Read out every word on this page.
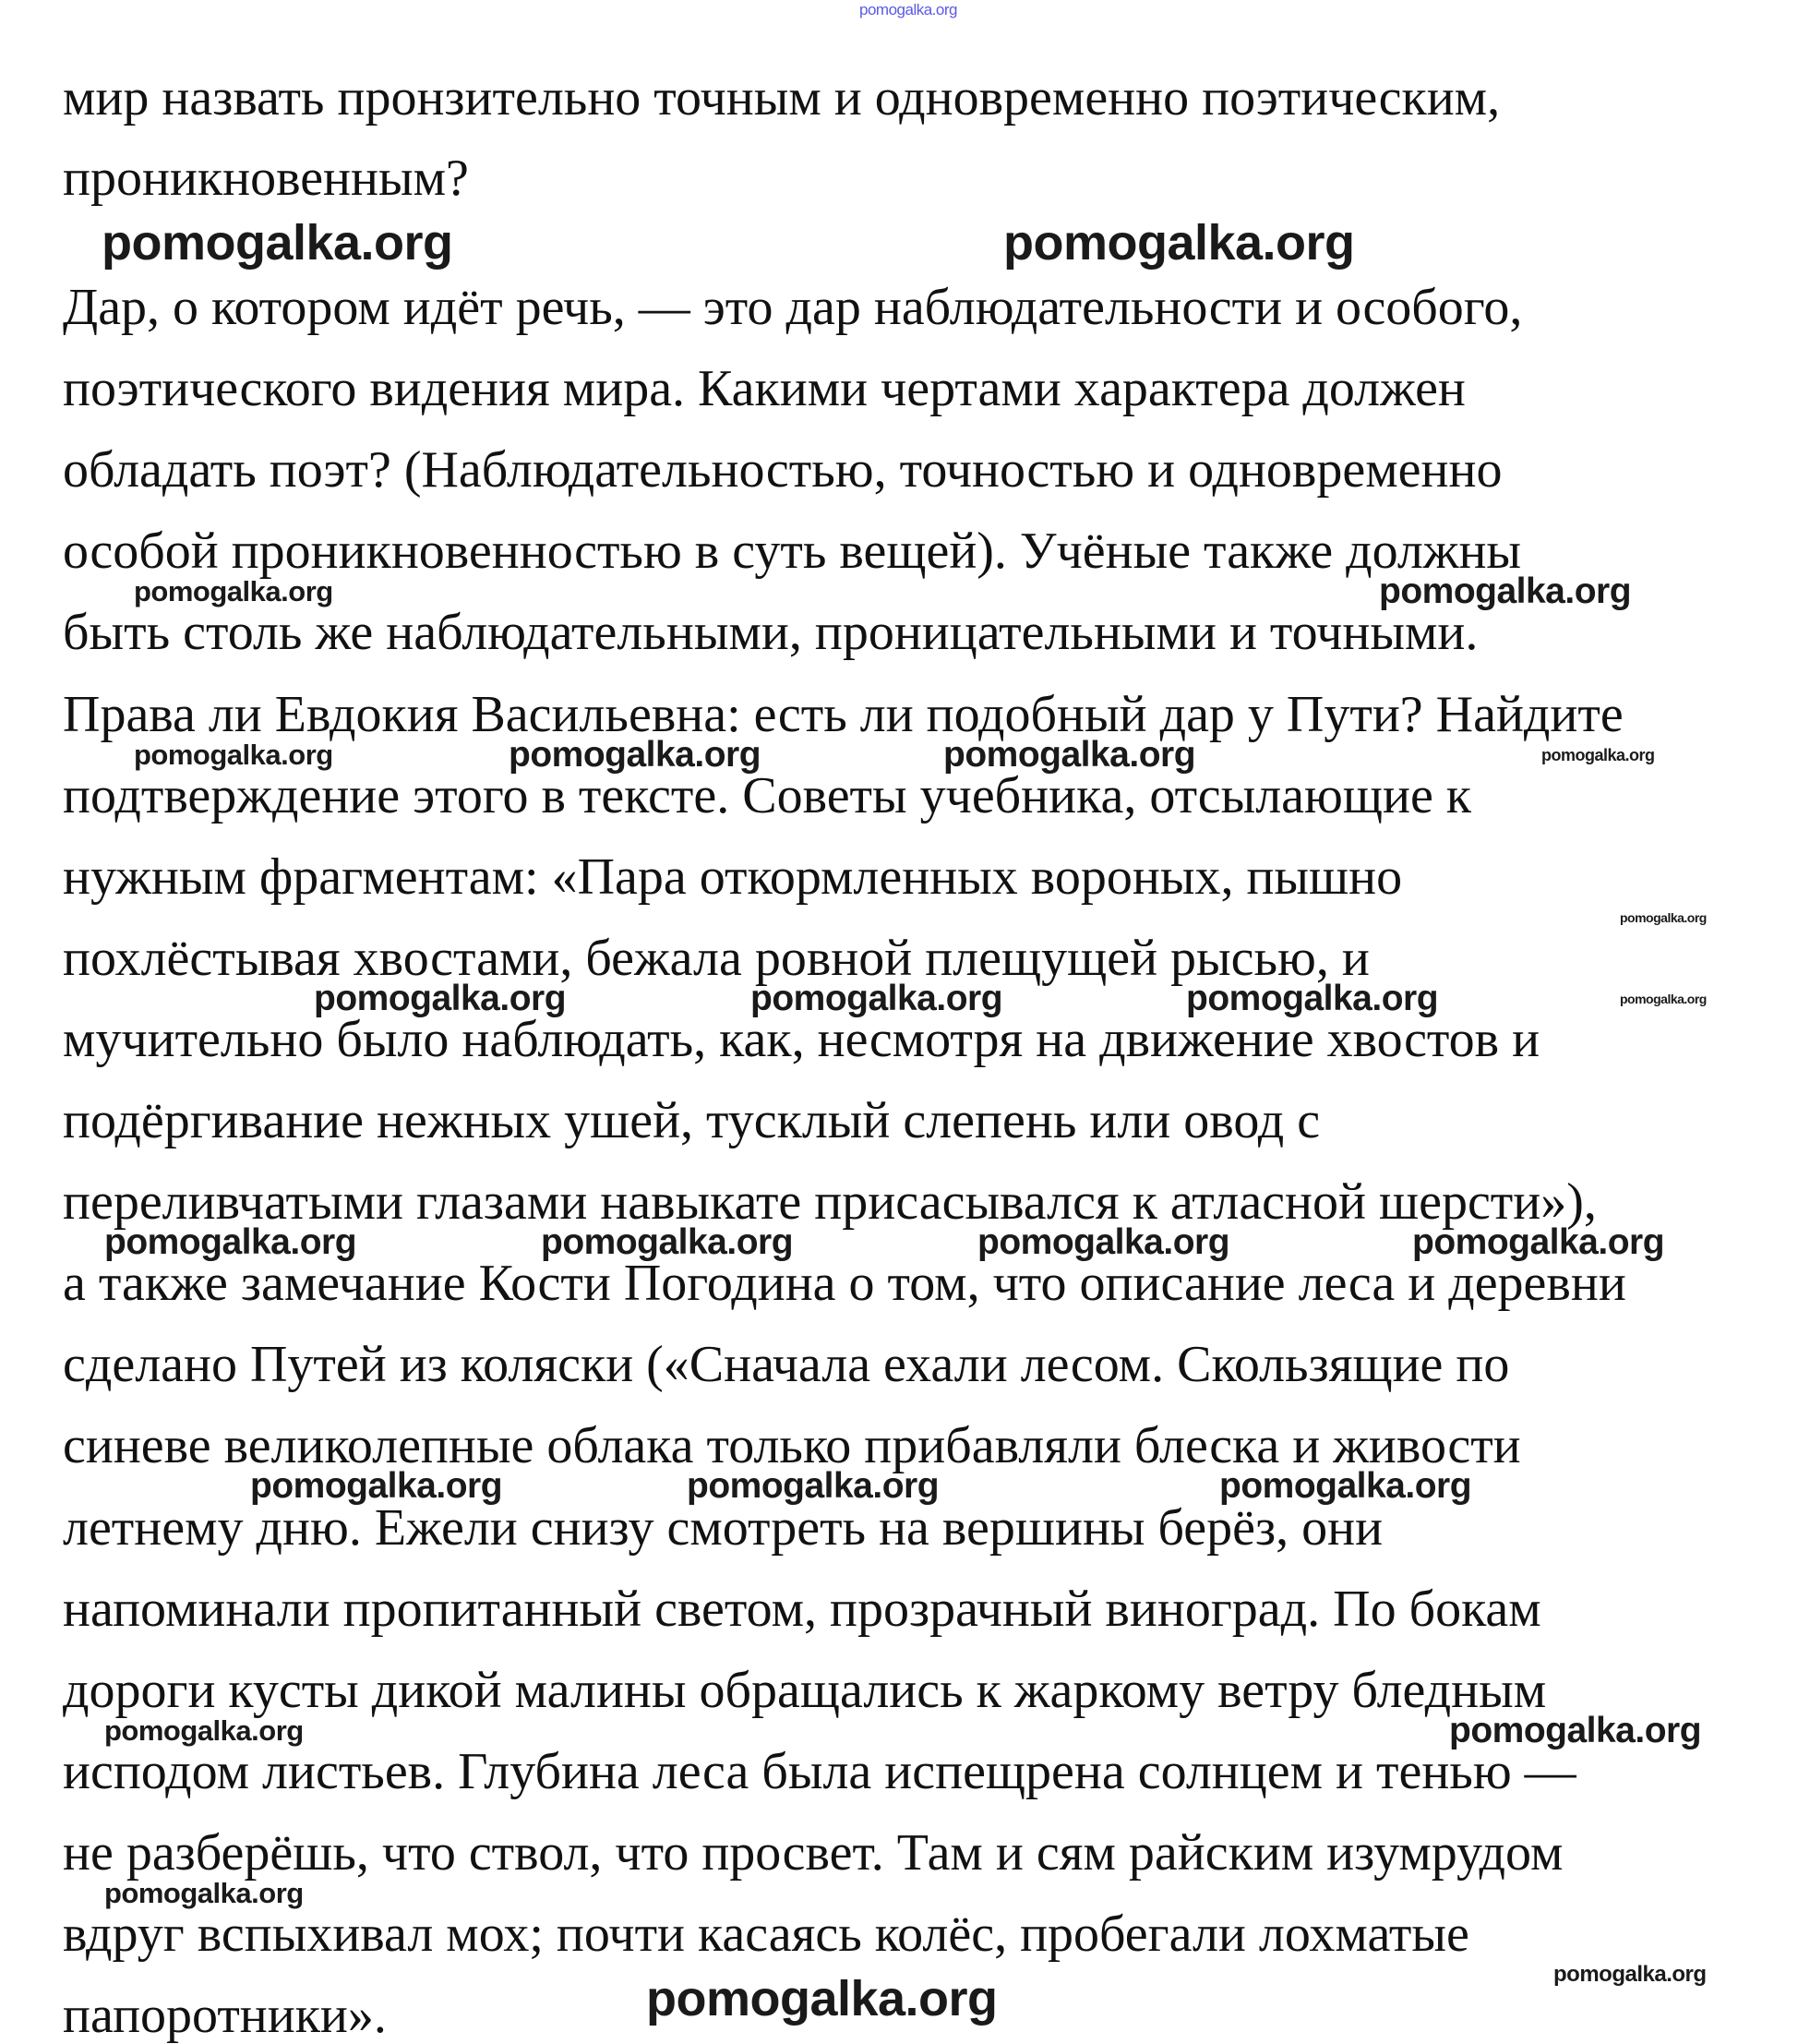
pomogalka.org
мир назвать пронзительно точным и одновременно поэтическим,
проникновенным?
Дар, о котором идёт речь, — это дар наблюдательности и особого,
поэтического видения мира. Какими чертами характера должен
обладать поэт? (Наблюдательностью, точностью и одновременно
особой проникновенностью в суть вещей). Учёные также должны
быть столь же наблюдательными, проницательными и точными.
Права ли Евдокия Васильевна: есть ли подобный дар у Пути? Найдите
подтверждение этого в тексте. Советы учебника, отсылающие к
нужным фрагментам: «Пара откормленных вороных, пышно
похлёстывая хвостами, бежала ровной плещущей рысью, и
мучительно было наблюдать, как, несмотря на движение хвостов и
подёргивание нежных ушей, тусклый слепень или овод с
переливчатыми глазами навыкате присасывался к атласной шерсти»),
а также замечание Кости Погодина о том, что описание леса и деревни
сделано Путей из коляски («Сначала ехали лесом. Скользящие по
синеве великолепные облака только прибавляли блеска и живости
летнему дню. Ежели снизу смотреть на вершины берёз, они
напоминали пропитанный светом, прозрачный виноград. По бокам
дороги кусты дикой малины обращались к жаркому ветру бледным
исподом листьев. Глубина леса была испещрена солнцем и тенью —
не разберёшь, что ствол, что просвет. Там и сям райским изумрудом
вдруг вспыхивал мох; почти касаясь колёс, пробегали лохматые
папоротники».
pomogalka.org	pomogalka.org
pomogalka.org	pomogalka.org
pomogalka.org	pomogalka.org	pomogalka.org	pomogalka.org
pomogalka.org
pomogalka.org
pomogalka.org	pomogalka.org	pomogalka.org
pomogalka.org	pomogalka.org	pomogalka.org	pomogalka.org
pomogalka.org	pomogalka.org	pomogalka.org
pomogalka.org	pomogalka.org
pomogalka.org
pomogalka.org
pomogalka.org
